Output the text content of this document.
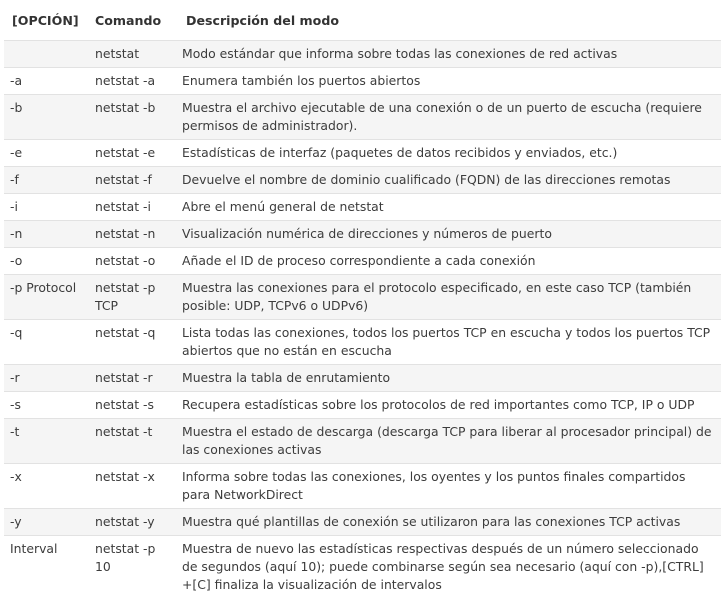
[OPCIÓN]	Comando	Descripción del modo
	netstat	Modo estándar que informa sobre todas las conexiones de red activas
-a	netstat -a	Enumera también los puertos abiertos
-b	netstat -b	Muestra el archivo ejecutable de una conexión o de un puerto de escucha (requiere permisos de administrador).
-e	netstat -e	Estadísticas de interfaz (paquetes de datos recibidos y enviados, etc.)
-f	netstat -f	Devuelve el nombre de dominio cualificado (FQDN) de las direcciones remotas
-i	netstat -i	Abre el menú general de netstat
-n	netstat -n	Visualización numérica de direcciones y números de puerto
-o	netstat -o	Añade el ID de proceso correspondiente a cada conexión
-p Protocol	netstat -p TCP	Muestra las conexiones para el protocolo especificado, en este caso TCP (también posible: UDP, TCPv6 o UDPv6)
-q	netstat -q	Lista todas las conexiones, todos los puertos TCP en escucha y todos los puertos TCP abiertos que no están en escucha
-r	netstat -r	Muestra la tabla de enrutamiento
-s	netstat -s	Recupera estadísticas sobre los protocolos de red importantes como TCP, IP o UDP
-t	netstat -t	Muestra el estado de descarga (descarga TCP para liberar al procesador principal) de las conexiones activas
-x	netstat -x	Informa sobre todas las conexiones, los oyentes y los puntos finales compartidos para NetworkDirect
-y	netstat -y	Muestra qué plantillas de conexión se utilizaron para las conexiones TCP activas
Interval	netstat -p 10	Muestra de nuevo las estadísticas respectivas después de un número seleccionado de segundos (aquí 10); puede combinarse según sea necesario (aquí con -p),[CTRL] +[C] finaliza la visualización de intervalos
